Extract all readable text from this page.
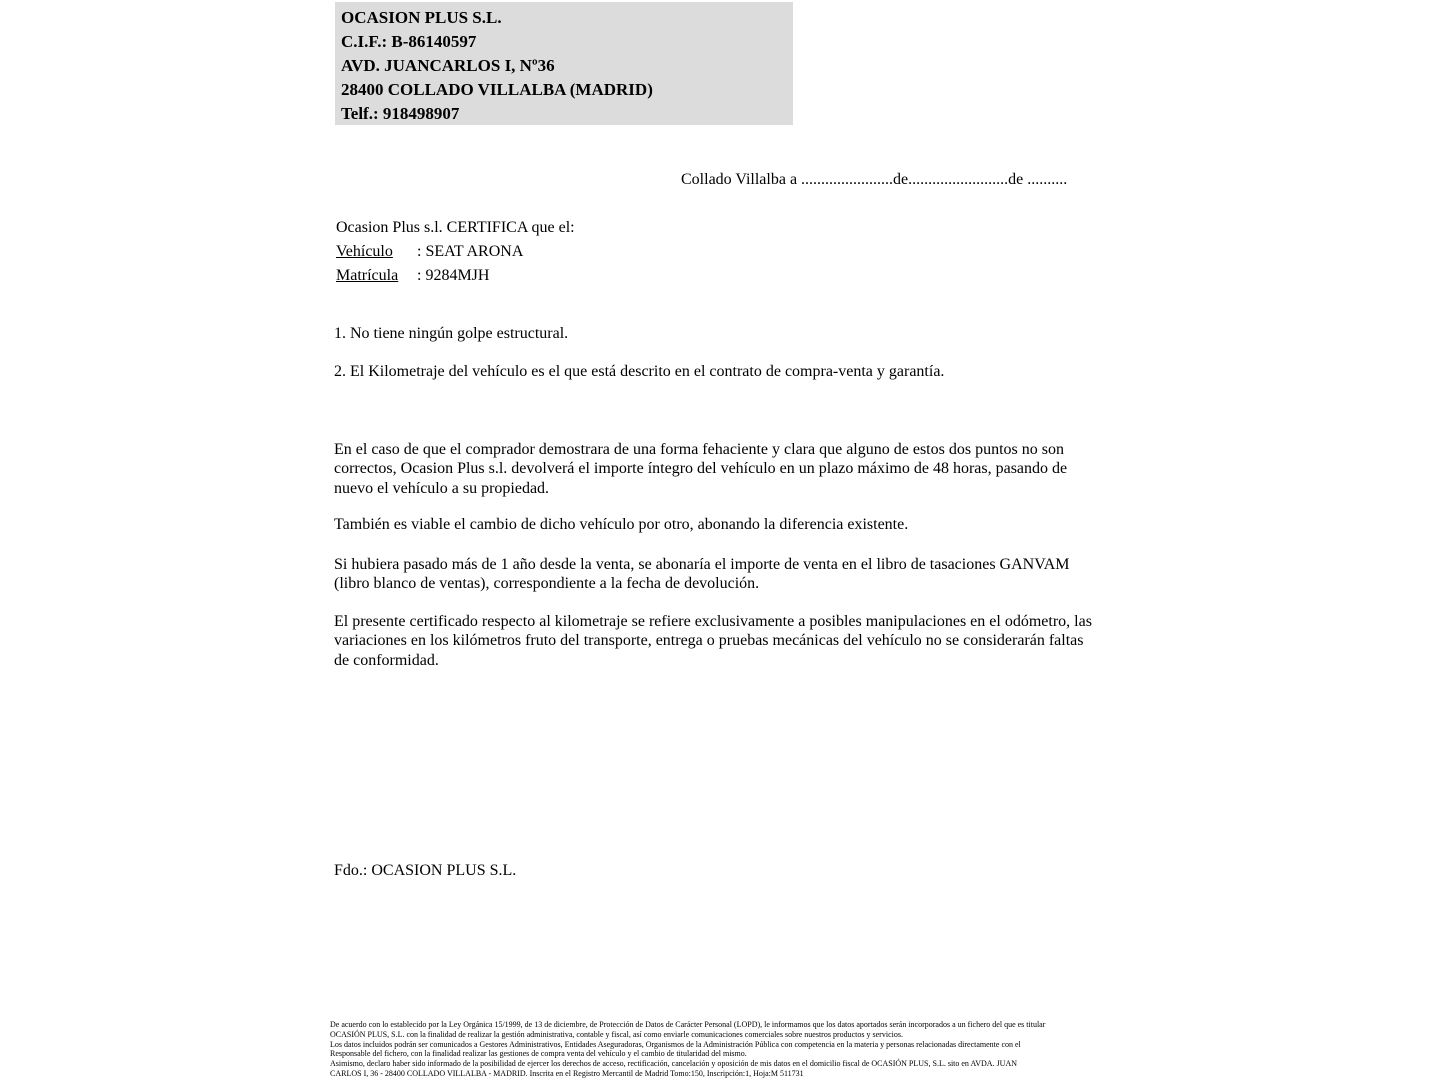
OCASION PLUS S.L.
C.I.F.: B-86140597
AVD. JUANCARLOS I, Nº36
28400 COLLADO VILLALBA (MADRID)
Telf.: 918498907
Collado Villalba a .......................de.........................de ..........
Ocasion Plus s.l. CERTIFICA que el:
Vehículo : SEAT ARONA
Matrícula : 9284MJH
1. No tiene ningún golpe estructural.
2. El Kilometraje del vehículo es el que está descrito en el contrato de compra-venta y garantía.
En el caso de que el comprador demostrara de una forma fehaciente y clara que alguno de estos dos puntos no son correctos, Ocasion Plus s.l. devolverá el importe íntegro del vehículo en un plazo máximo de 48 horas, pasando de nuevo el vehículo a su propiedad.
También es viable el cambio de dicho vehículo por otro, abonando la diferencia existente.
Si hubiera pasado más de 1 año desde la venta, se abonaría el importe de venta en el libro de tasaciones GANVAM (libro blanco de ventas), correspondiente a la fecha de devolución.
El presente certificado respecto al kilometraje se refiere exclusivamente a posibles manipulaciones en el odómetro, las variaciones en los kilómetros fruto del transporte, entrega o pruebas mecánicas del vehículo no se considerarán faltas de conformidad.
Fdo.: OCASION PLUS S.L.
De acuerdo con lo establecido por la Ley Orgánica 15/1999, de 13 de diciembre, de Protección de Datos de Carácter Personal (LOPD), le informamos que los datos aportados serán incorporados a un fichero del que es titular
OCASIÓN PLUS, S.L. con la finalidad de realizar la gestión administrativa, contable y fiscal, así como enviarle comunicaciones comerciales sobre nuestros productos y servicios.
Los datos incluidos podrán ser comunicados a Gestores Administrativos, Entidades Aseguradoras, Organismos de la Administración Pública con competencia en la materia y personas relacionadas directamente con el
Responsable del fichero, con la finalidad realizar las gestiones de compra venta del vehículo y el cambio de titularidad del mismo.
Asimismo, declaro haber sido informado de la posibilidad de ejercer los derechos de acceso, rectificación, cancelación y oposición de mis datos en el domicilio fiscal de OCASIÓN PLUS, S.L. sito en AVDA. JUAN
CARLOS I, 36 - 28400 COLLADO VILLALBA - MADRID. Inscrita en el Registro Mercantil de Madrid Tomo:150, Inscripción:1, Hoja:M 511731
